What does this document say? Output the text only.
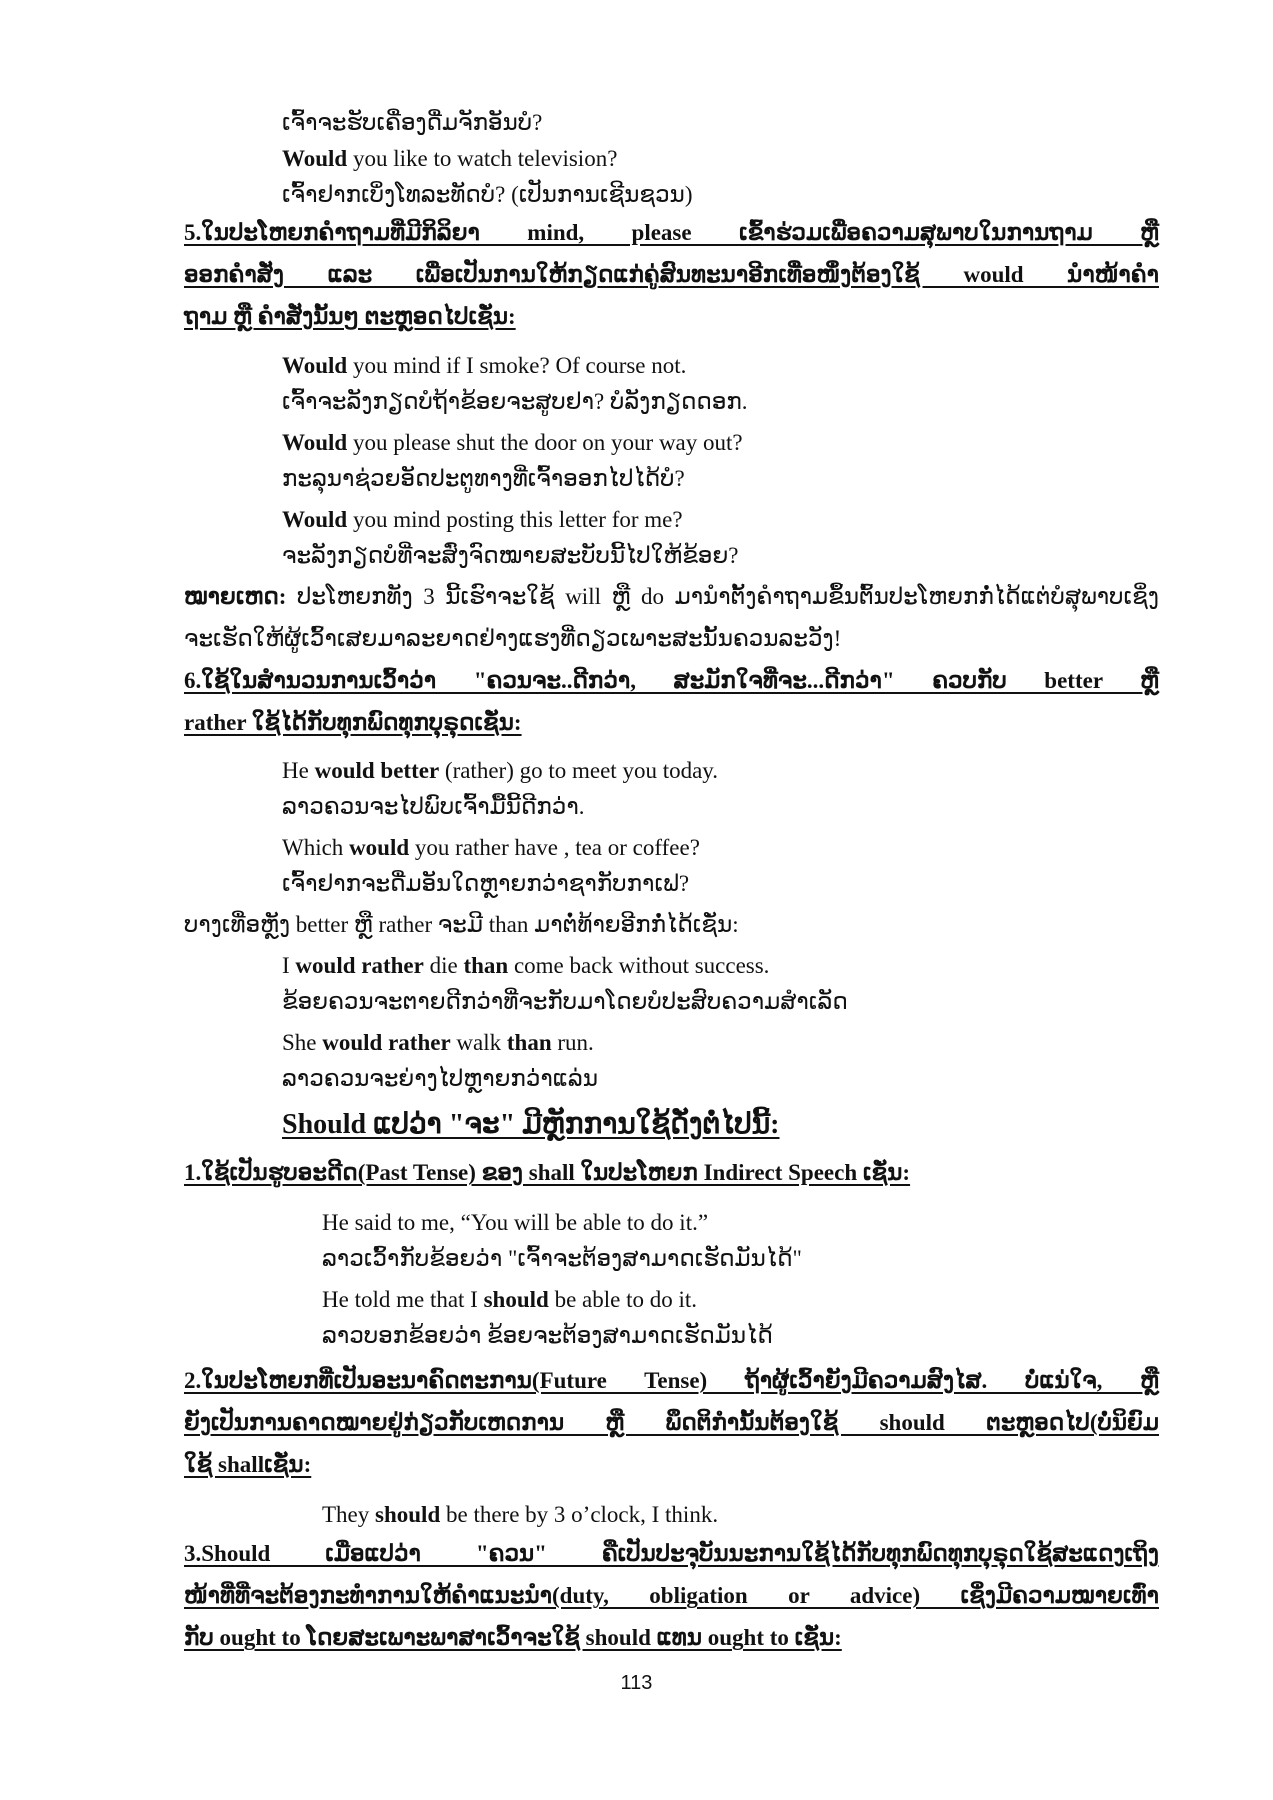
ເຈົ້າຈະຮັບເຄື່ອງດື່ມຈັກອັນບໍ?
Would you like to watch television?
ເຈົ້າຢາກເບິ່ງໂທລະທັດບໍ? (ເປັນການເຊີນຊວນ)
5.ໃນປະໂຫຍກຄຳຖາມທີ່ມີກິລິຍາ mind, please ເຂົ້າຮ່ວມເພື່ອຄວາມສຸພາບໃນການຖາມ ຫຼື
ອອກຄຳສັ່ງ ແລະ ເພື່ອເປັນການໃຫ້ກຽດແກ່ຄູ່ສົນທະນາອີກເທື່ອໜຶ່ງຕ້ອງໃຊ້ would ນຳໜ້າຄຳ
ຖາມ ຫຼື ຄຳສັ່ງນັ້ນໆ ຕະຫຼອດໄປເຊັ່ນ:
Would you mind if I smoke? Of course not.
ເຈົ້າຈະລັງກຽດບໍຖ້າຂ້ອຍຈະສູບຢາ? ບໍລັງກຽດດອກ.
Would you please shut the door on your way out?
ກະລຸນາຊ່ວຍອັດປະຕູທາງທີ່ເຈົ້າອອກໄປໄດ້ບໍ?
Would you mind posting this letter for me?
ຈະລັງກຽດບໍທີ່ຈະສົ່ງຈົດໝາຍສະບັບນີ້ໄປໃຫ້ຂ້ອຍ?
ໝາຍເຫດ: ປະໂຫຍກທັງ 3 ນີ້ເຮົາຈະໃຊ້ will ຫຼື do ມານຳຕັ້ງຄຳຖາມຂຶ້ນຕົ້ນປະໂຫຍກກໍ່ໄດ້ແຕ່ບໍສຸພາບເຊິ່ງ
ຈະເຮັດໃຫ້ຜູ້ເວົ້າເສຍມາລະຍາດຢ່າງແຮງທີ່ດຽວເພາະສະນັ້ນຄວນລະວັງ!
6.ໃຊ້ໃນສຳນວນການເວົ້າວ່າ "ຄວນຈະ..ດີກວ່າ, ສະມັກໃຈທີ່ຈະ...ດີກວ່າ" ຄວບກັບ better ຫຼື
rather ໃຊ້ໄດ້ກັບທຸກພົດທຸກບຸຣຸດເຊັ່ນ:
He would better (rather) go to meet you today.
ລາວຄວນຈະໄປພົບເຈົ້າມື້ນີ້ດີກວ່າ.
Which would you rather have , tea or coffee?
ເຈົ້າຢາກຈະດື່ມອັນໃດຫຼາຍກວ່າຊາກັບກາເຟ?
ບາງເທື່ອຫຼັງ better ຫຼື rather ຈະມີ than ມາຕໍ່ທ້າຍອີກກໍ່ໄດ້ເຊັ່ນ:
I would rather die than come back without success.
ຂ້ອຍຄວນຈະຕາຍດີກວ່າທີ່ຈະກັບມາໂດຍບໍປະສົບຄວາມສຳເລັດ
She would rather walk than run.
ລາວຄວນຈະຍ່າງໄປຫຼາຍກວ່າແລ່ນ
Should ແປວ່າ "ຈະ" ມີຫຼັກການໃຊ້ດັ່ງຕໍ່ໄປນີ້:
1.ໃຊ້ເປັນຮູບອະດີດ(Past Tense) ຂອງ shall ໃນປະໂຫຍກ Indirect Speech ເຊັ່ນ:
He said to me, “You will be able to do it.”
ລາວເວົ້າກັບຂ້ອຍວ່າ "ເຈົ້າຈະຕ້ອງສາມາດເຮັດມັນໄດ້"
He told me that I should be able to do it.
ລາວບອກຂ້ອຍວ່າ ຂ້ອຍຈະຕ້ອງສາມາດເຮັດມັນໄດ້
2.ໃນປະໂຫຍກທີ່ເປັນອະນາຄົດຕະການ(Future Tense) ຖ້າຜູ້ເວົ້າຍັງມີຄວາມສົງໄສ. ບໍ່ແນ່ໃຈ, ຫຼື
ຍັງເປັນການຄາດໝາຍຢູ່ກ່ຽວກັບເຫດການ ຫຼື ພຶດຕິກຳນັ້ນຕ້ອງໃຊ້ should ຕະຫຼອດໄປ(ບໍ່ນິຍົມ
ໃຊ້ shallເຊັ່ນ:
They should be there by 3 o’clock, I think.
3.Should ເມື່ອແປວ່າ "ຄວນ" ຄືເປັນປະຈຸບັນນະການໃຊ້ໄດ້ກັບທຸກພົດທຸກບຸຣຸດໃຊ້ສະແດງເຖິງ
ໜ້າທີ່ທີ່ຈະຕ້ອງກະທຳການໃຫ້ຄຳແນະນຳ(duty, obligation or advice) ເຊິ່ງມີຄວາມໝາຍເທົ່າ
ກັບ ought to ໂດຍສະເພາະພາສາເວົ້າຈະໃຊ້ should ແທນ ought to ເຊັ່ນ:
113
